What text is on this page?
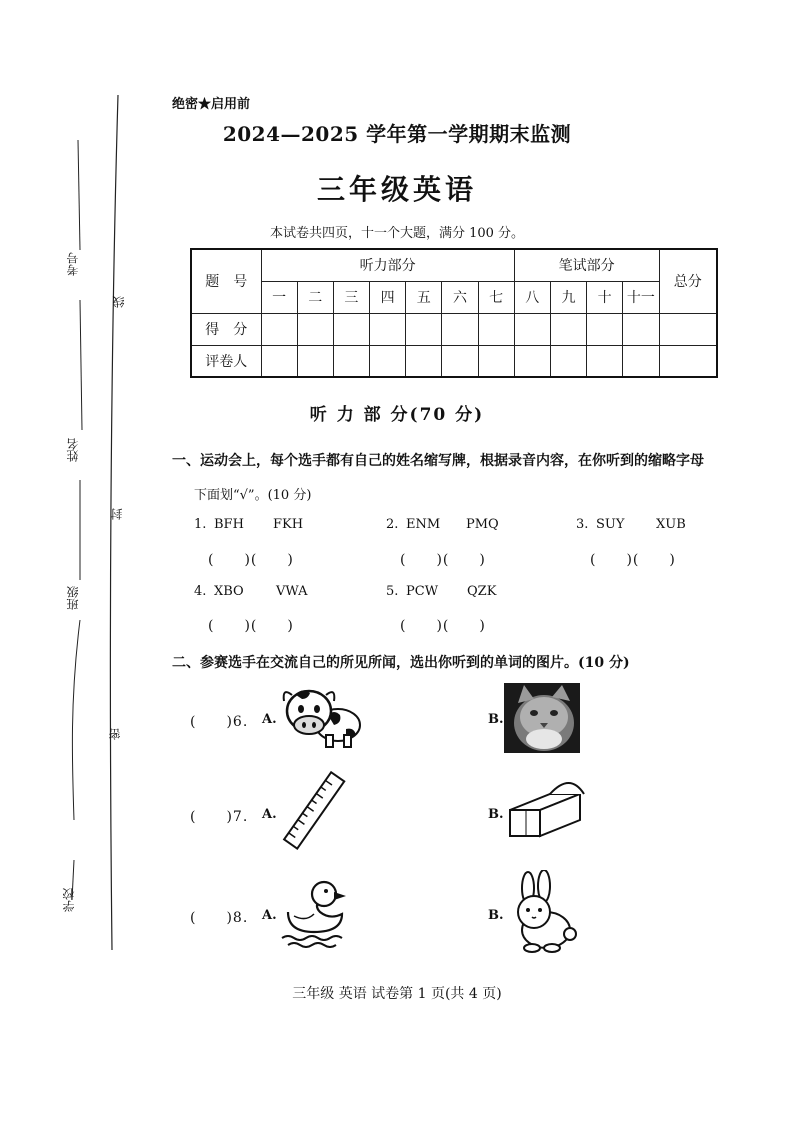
考号
姓名
班级
学校
线
封
密
绝密★启用前
2024—2025 学年第一学期期末监测
三年级英语
本试卷共四页，十一个大题，满分 100 分。
题　号	听力部分							笔试部分				总分
	一	二	三	四	五	六	七	八	九	十	十一	
得　分												
评卷人												
听 力 部 分(70 分)
一、运动会上，每个选手都有自己的姓名缩写牌，根据录音内容，在你听到的缩略字母
下面划“√”。(10 分)
1. BFH FKH
(　　)(　　)
2. ENM PMQ
(　　)(　　)
3. SUY XUB
(　　)(　　)
4. XBO VWA
(　　)(　　)
5. PCW QZK
(　　)(　　)
二、参赛选手在交流自己的所见所闻，选出你听到的单词的图片。(10 分)
(　　)6. A.	B.
(　　)7. A.	B.
(　　)8. A.	B.
三年级 英语 试卷第 1 页(共 4 页)
